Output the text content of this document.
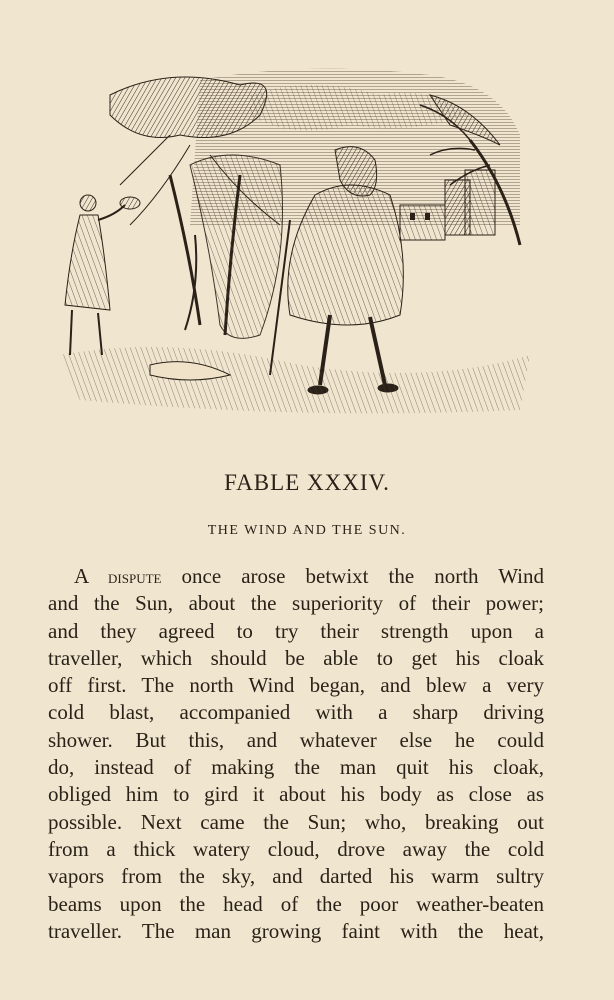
FABLE XXXIV.
THE WIND AND THE SUN.
A dispute once arose betwixt the north Wind
and the Sun, about the superiority of their power;
and they agreed to try their strength upon a
traveller, which should be able to get his cloak
off first. The north Wind began, and blew a very
cold blast, accompanied with a sharp driving
shower. But this, and whatever else he could
do, instead of making the man quit his cloak,
obliged him to gird it about his body as close as
possible. Next came the Sun; who, breaking out
from a thick watery cloud, drove away the cold
vapors from the sky, and darted his warm sultry
beams upon the head of the poor weather-beaten
traveller. The man growing faint with the heat,
